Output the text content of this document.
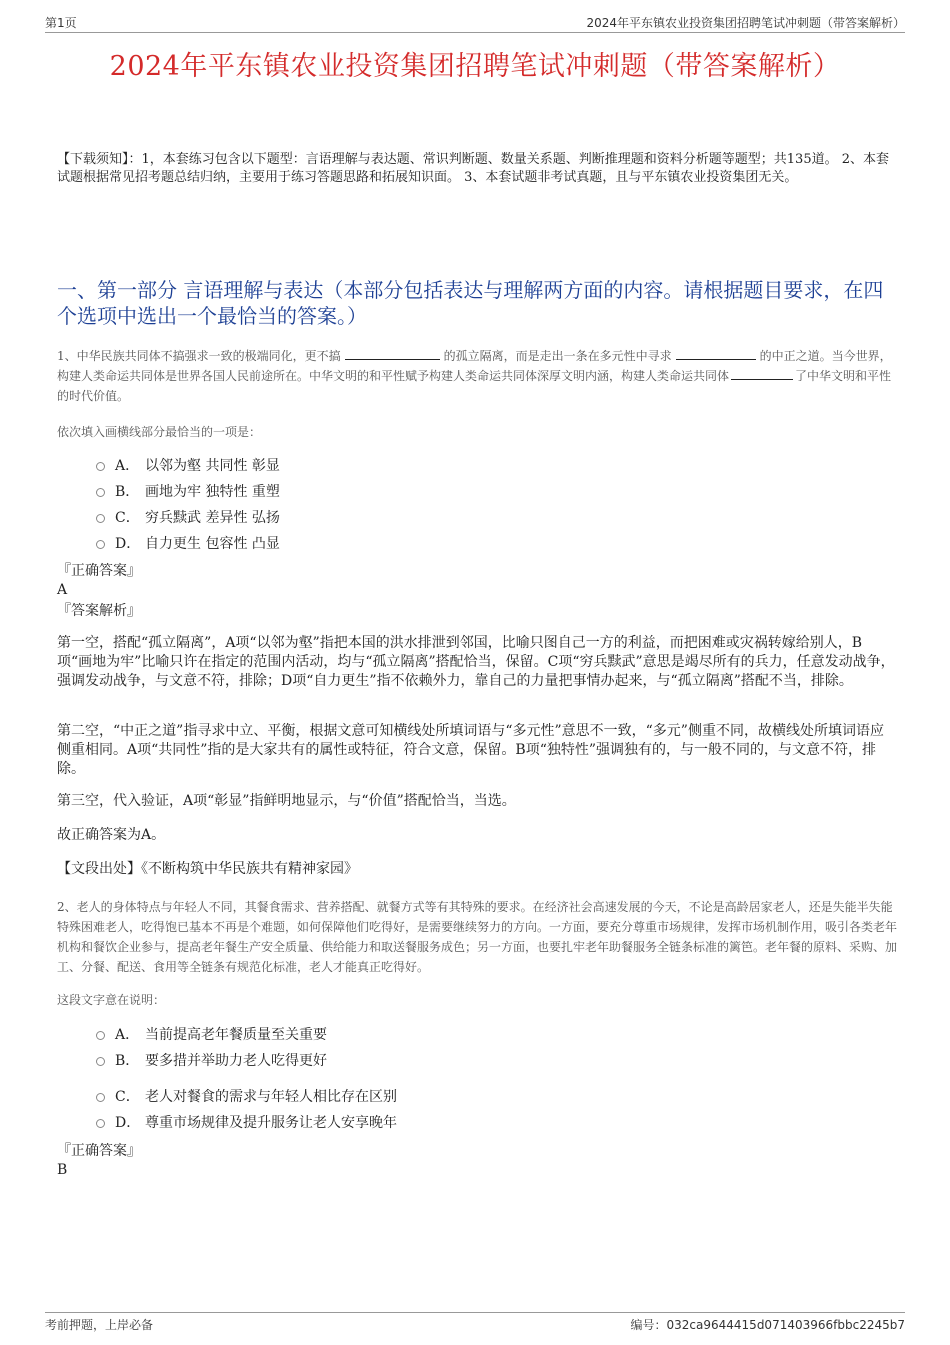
第1页	2024年平东镇农业投资集团招聘笔试冲刺题（带答案解析）
2024年平东镇农业投资集团招聘笔试冲刺题（带答案解析）
【下载须知】：1，本套练习包含以下题型：言语理解与表达题、常识判断题、数量关系题、判断推理题和资料分析题等题型；共135道。 2、本套试题根据常见招考题总结归纳，主要用于练习答题思路和拓展知识面。 3、本套试题非考试真题，且与平东镇农业投资集团无关。
一、第一部分 言语理解与表达（本部分包括表达与理解两方面的内容。请根据题目要求，在四个选项中选出一个最恰当的答案。）
1、中华民族共同体不搞强求一致的极端同化，更不搞	的孤立隔离，而是走出一条在多元性中寻求	的中正之道。当今世界，构建人类命运共同体是世界各国人民前途所在。中华文明的和平性赋予构建人类命运共同体深厚文明内涵，构建人类命运共同体	了中华文明和平性的时代价值。
依次填入画横线部分最恰当的一项是：
A． 以邻为壑 共同性 彰显
B． 画地为牢 独特性 重塑
C． 穷兵黩武 差异性 弘扬
D． 自力更生 包容性 凸显
『正确答案』
A
『答案解析』
第一空，搭配“孤立隔离”，A项“以邻为壑”指把本国的洪水排泄到邻国，比喻只图自己一方的利益，而把困难或灾祸转嫁给别人，B项“画地为牢”比喻只许在指定的范围内活动，均与“孤立隔离”搭配恰当，保留。C项“穷兵黩武”意思是竭尽所有的兵力，任意发动战争，强调发动战争，与文意不符，排除；D项“自力更生”指不依赖外力，靠自己的力量把事情办起来，与“孤立隔离”搭配不当，排除。
第二空，“中正之道”指寻求中立、平衡，根据文意可知横线处所填词语与“多元性”意思不一致，“多元”侧重不同，故横线处所填词语应侧重相同。A项“共同性”指的是大家共有的属性或特征，符合文意，保留。B项“独特性”强调独有的，与一般不同的，与文意不符，排除。
第三空，代入验证，A项“彰显”指鲜明地显示，与“价值”搭配恰当，当选。
故正确答案为A。
【文段出处】《不断构筑中华民族共有精神家园》
2、老人的身体特点与年轻人不同，其餐食需求、营养搭配、就餐方式等有其特殊的要求。在经济社会高速发展的今天，不论是高龄居家老人，还是失能半失能特殊困难老人，吃得饱已基本不再是个难题，如何保障他们吃得好，是需要继续努力的方向。一方面，要充分尊重市场规律，发挥市场机制作用，吸引各类老年机构和餐饮企业参与，提高老年餐生产安全质量、供给能力和取送餐服务成色；另一方面，也要扎牢老年助餐服务全链条标准的篱笆。老年餐的原料、采购、加工、分餐、配送、食用等全链条有规范化标准，老人才能真正吃得好。
这段文字意在说明：
A． 当前提高老年餐质量至关重要
B． 要多措并举助力老人吃得更好
C． 老人对餐食的需求与年轻人相比存在区别
D． 尊重市场规律及提升服务让老人安享晚年
『正确答案』
B
考前押题，上岸必备	编号：032ca9644415d071403966fbbc2245b7
